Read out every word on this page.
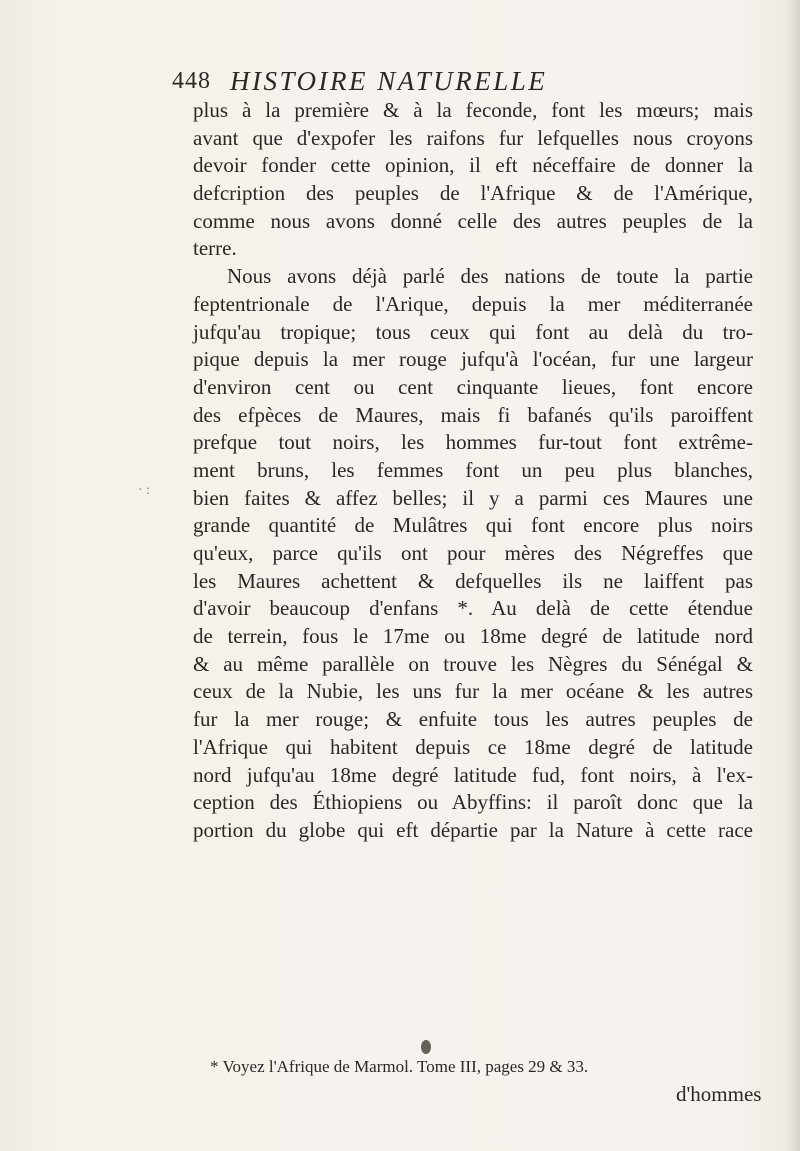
448 HISTOIRE NATURELLE
· :
plus à la première & à la feconde, font les mœurs; mais
avant que d'expofer les raifons fur lefquelles nous croyons
devoir fonder cette opinion, il eft néceffaire de donner la
defcription des peuples de l'Afrique & de l'Amérique,
comme nous avons donné celle des autres peuples de la
terre.
Nous avons déjà parlé des nations de toute la partie
feptentrionale de l'Arique, depuis la mer méditerranée
jufqu'au tropique; tous ceux qui font au delà du tro-
pique depuis la mer rouge jufqu'à l'océan, fur une largeur
d'environ cent ou cent cinquante lieues, font encore
des efpèces de Maures, mais fi bafanés qu'ils paroiffent
prefque tout noirs, les hommes fur-tout font extrême-
ment bruns, les femmes font un peu plus blanches,
bien faites & affez belles; il y a parmi ces Maures une
grande quantité de Mulâtres qui font encore plus noirs
qu'eux, parce qu'ils ont pour mères des Négreffes que
les Maures achettent & defquelles ils ne laiffent pas
d'avoir beaucoup d'enfans *. Au delà de cette étendue
de terrein, fous le 17me ou 18me degré de latitude nord
& au même parallèle on trouve les Nègres du Sénégal &
ceux de la Nubie, les uns fur la mer océane & les autres
fur la mer rouge; & enfuite tous les autres peuples de
l'Afrique qui habitent depuis ce 18me degré de latitude
nord jufqu'au 18me degré latitude fud, font noirs, à l'ex-
ception des Éthiopiens ou Abyffins: il paroît donc que la
portion du globe qui eft départie par la Nature à cette race
* Voyez l'Afrique de Marmol. Tome III, pages 29 & 33.
d'hommes
